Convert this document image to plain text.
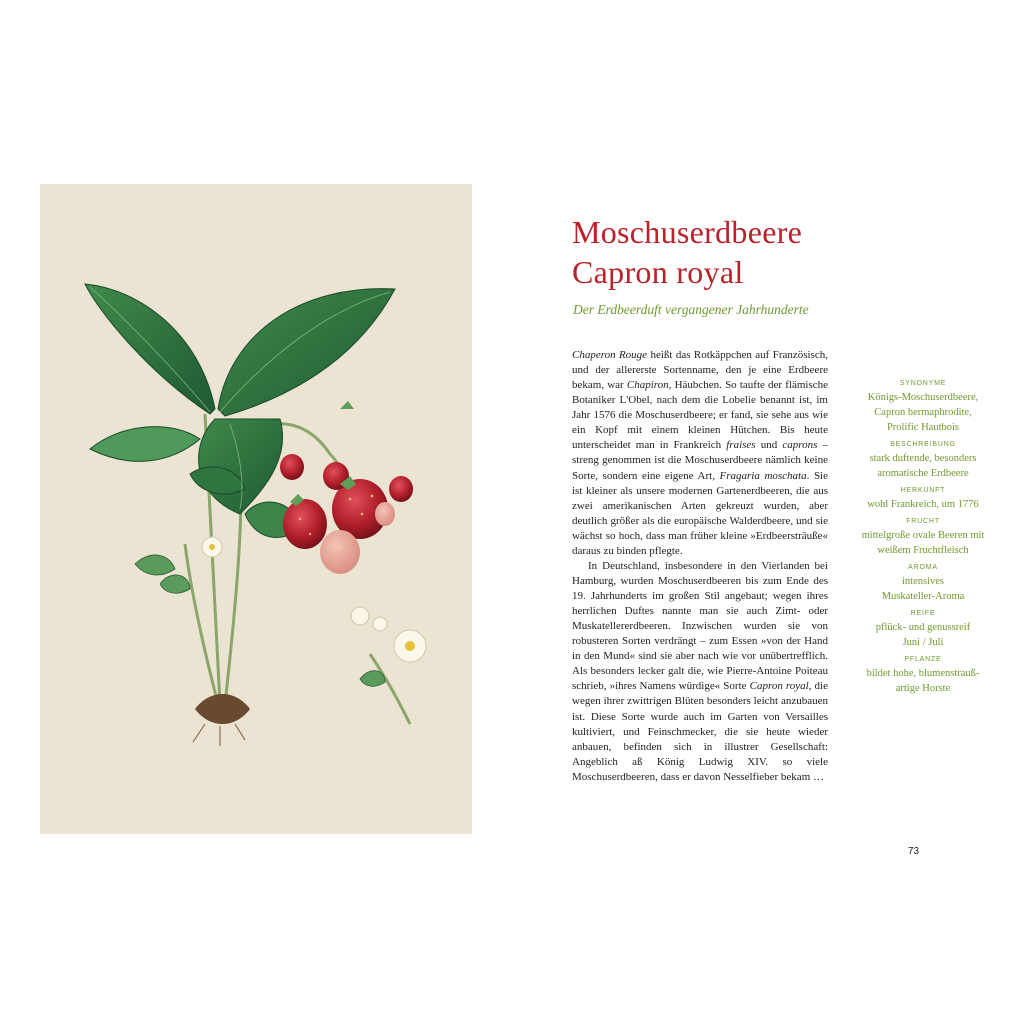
Moschuserdbeere
Capron royal

Der Erdbeerduft vergangener Jahrhunderte

Chaperon Rouge heißt das Rotkäppchen auf Französisch, und der allererste Sortenname, den je eine Erdbeere bekam, war Chapiron, Häubchen. So taufte der flämische Botaniker L'Obel, nach dem die Lobelie benannt ist, im Jahr 1576 die Moschuserdbeere; er fand, sie sehe aus wie ein Kopf mit einem kleinen Hütchen. Bis heute unterscheidet man in Frankreich fraises und caprons – streng genommen ist die Moschuserdbeere nämlich keine Sorte, sondern eine eigene Art, Fragaria moschata. Sie ist kleiner als unsere modernen Gartenerdbeeren, die aus zwei amerikanischen Arten gekreuzt wurden, aber deutlich größer als die europäische Walderdbeere, und sie wächst so hoch, dass man früher kleine »Erdbeersträuße« daraus zu binden pflegte.

In Deutschland, insbesondere in den Vierlanden bei Hamburg, wurden Moschuserdbeeren bis zum Ende des 19. Jahrhunderts im großen Stil angebaut; wegen ihres herrlichen Duftes nannte man sie auch Zimt- oder Muskatellererdbeeren. Inzwischen wurden sie von robusteren Sorten verdrängt – zum Essen »von der Hand in den Mund« sind sie aber nach wie vor unübertrefflich. Als besonders lecker galt die, wie Pierre-Antoine Poiteau schrieb, »ihres Namens würdige« Sorte Capron royal, die wegen ihrer zwittrigen Blüten besonders leicht anzubauen ist. Diese Sorte wurde auch im Garten von Versailles kultiviert, und Feinschmecker, die sie heute wieder anbauen, befinden sich in illustrer Gesellschaft: Angeblich aß König Ludwig XIV. so viele Moschuserdbeeren, dass er davon Nesselfieber bekam …

SYNONYME
Königs-Moschuserdbeere,
Capron hermaphrodite,
Prolific Hautbois
BESCHREIBUNG
stark duftende, besonders
aromatische Erdbeere
HERKUNFT
wohl Frankreich, um 1776
FRUCHT
mittelgroße ovale Beeren mit
weißem Fruchtfleisch
AROMA
intensives
Muskateller-Aroma
REIFE
pflück- und genussreif
Juni / Juli
PFLANZE
bildet hohe, blumenstrauß-
artige Horste
73
